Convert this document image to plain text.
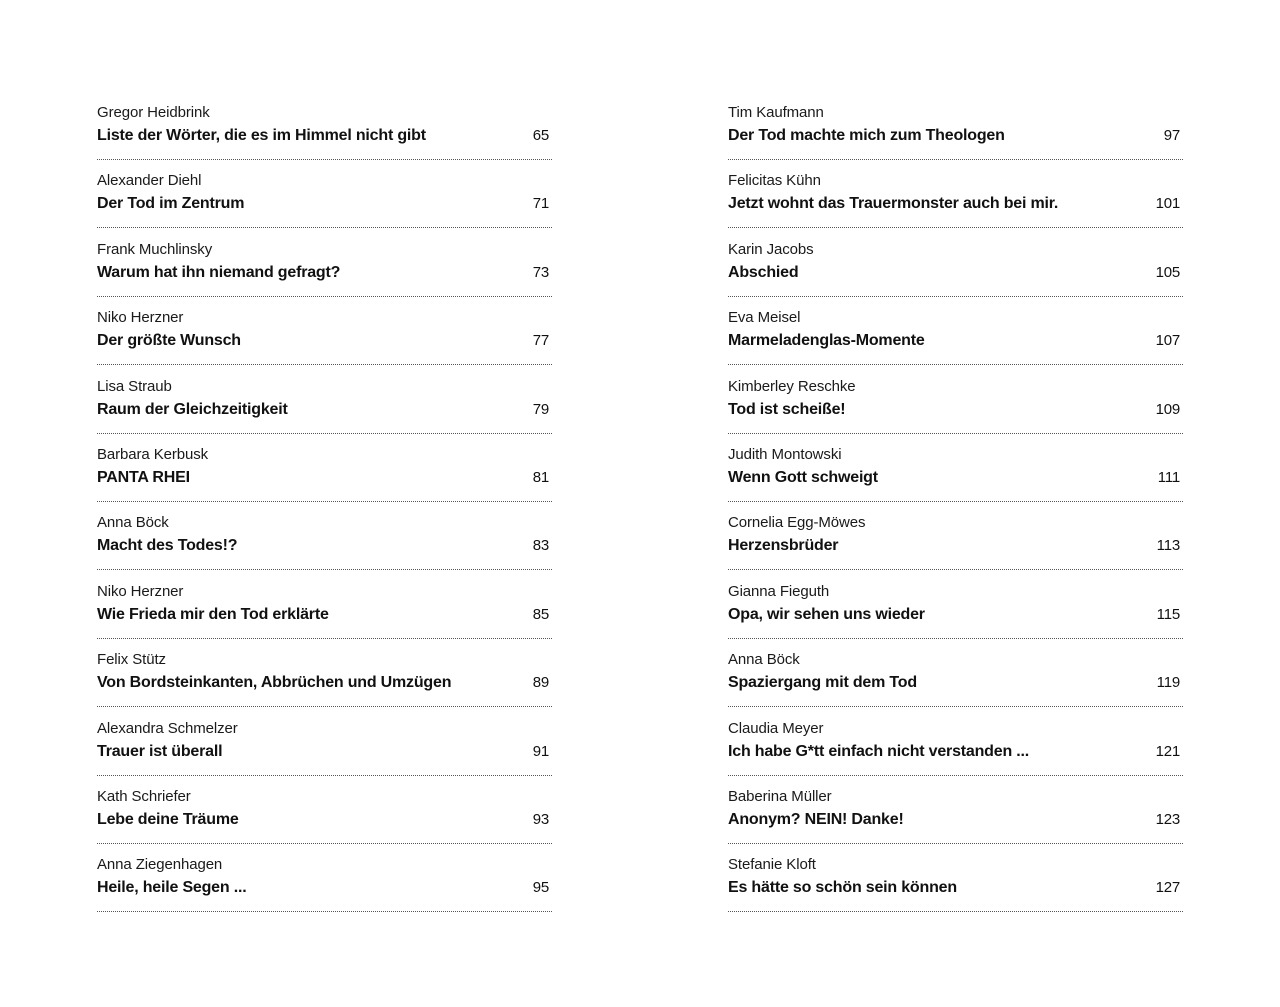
Gregor Heidbrink
Liste der Wörter, die es im Himmel nicht gibt	65
Alexander Diehl
Der Tod im Zentrum	71
Frank Muchlinsky
Warum hat ihn niemand gefragt?	73
Niko Herzner
Der größte Wunsch	77
Lisa Straub
Raum der Gleichzeitigkeit	79
Barbara Kerbusk
PANTA RHEI	81
Anna Böck
Macht des Todes!?	83
Niko Herzner
Wie Frieda mir den Tod erklärte	85
Felix Stütz
Von Bordsteinkanten, Abbrüchen und Umzügen	89
Alexandra Schmelzer
Trauer ist überall	91
Kath Schriefer
Lebe deine Träume	93
Anna Ziegenhagen
Heile, heile Segen ...	95
Tim Kaufmann
Der Tod machte mich zum Theologen	97
Felicitas Kühn
Jetzt wohnt das Trauermonster auch bei mir.	101
Karin Jacobs
Abschied	105
Eva Meisel
Marmeladenglas-Momente	107
Kimberley Reschke
Tod ist scheiße!	109
Judith Montowski
Wenn Gott schweigt	111
Cornelia Egg-Möwes
Herzensbrüder	113
Gianna Fieguth
Opa, wir sehen uns wieder	115
Anna Böck
Spaziergang mit dem Tod	119
Claudia Meyer
Ich habe G*tt einfach nicht verstanden ...	121
Baberina Müller
Anonym? NEIN! Danke!	123
Stefanie Kloft
Es hätte so schön sein können	127
